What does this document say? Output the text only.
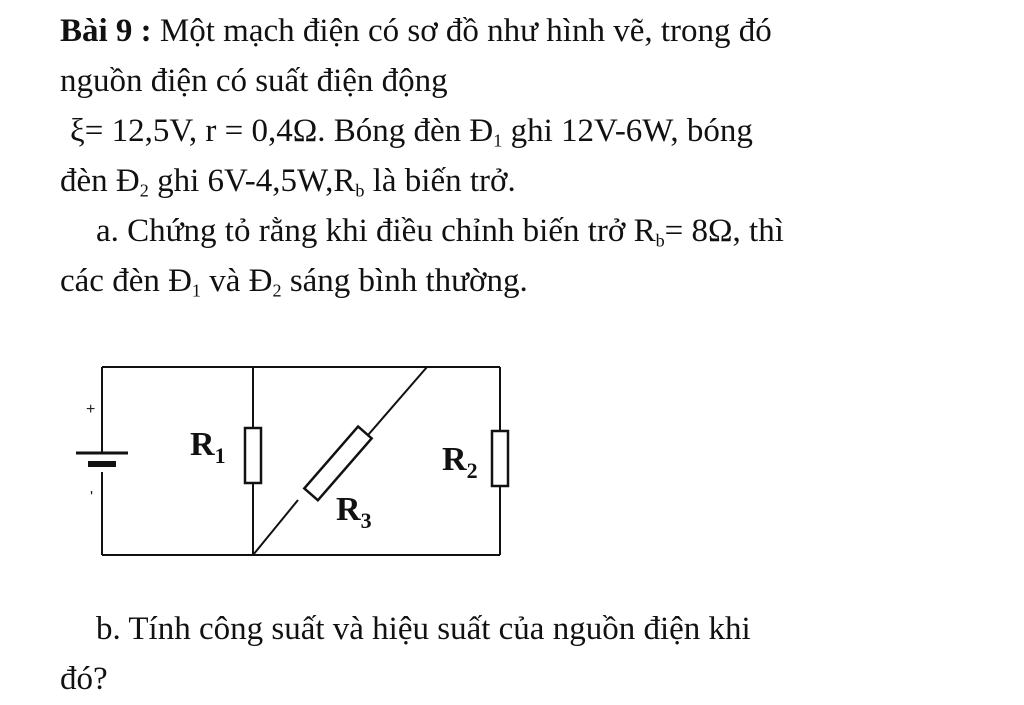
Bài 9 : Một mạch điện có sơ đồ như hình vẽ, trong đó

nguồn điện có suất điện động

ξ= 12,5V, r = 0,4Ω. Bóng đèn $Đ_1$ ghi 12V-6W, bóng

đèn $Đ_2$ ghi $6V-4,5W,R_b$ là biến trở.

a. Chứng tỏ rằng khi điều chỉnh biến trở $R_b= 8\Omega$, thì

các đèn $Đ_1$ và $Đ_2$ sáng bình thường.

+
'
$R_1$	$R_2$
$R_3$

b. Tính công suất và hiệu suất của nguồn điện khi

đó?
